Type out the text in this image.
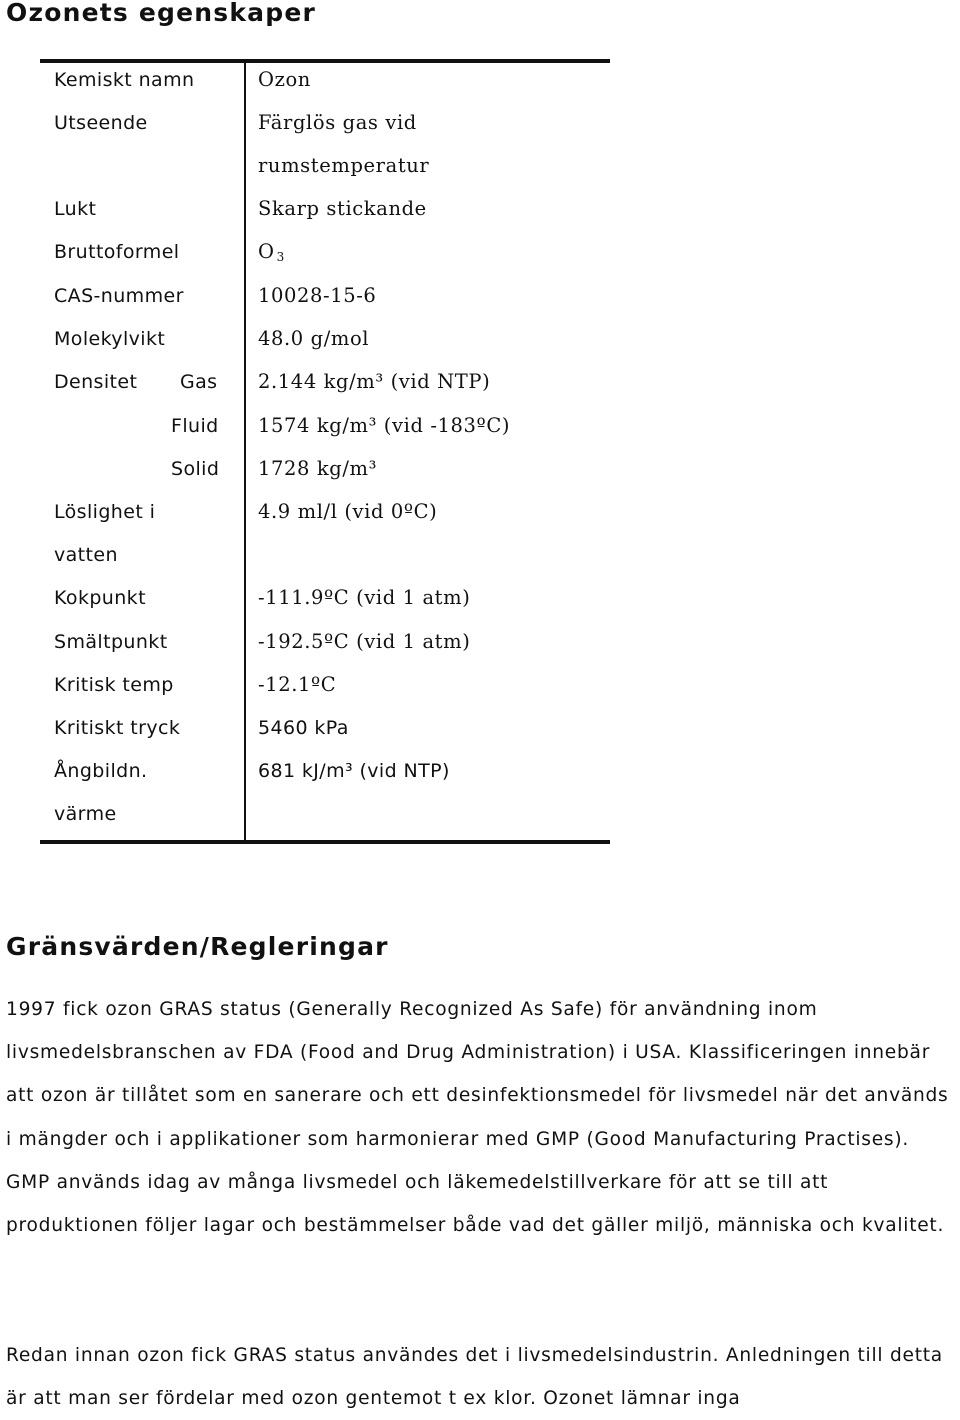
Ozonets egenskaper
Kemiskt namn	Ozon
Utseende	Färglös gas vid
rumstemperatur
Lukt	Skarp stickande
Bruttoformel	O 3
CAS-nummer	10028-15-6
Molekylvikt	48.0 g/mol
Densitet Gas 2.144 kg/m³ (vid NTP)
Fluid 1574 kg/m³ (vid -183ºC)
Solid 1728 kg/m³
Löslighet i	4.9 ml/l (vid 0ºC)
vatten
Kokpunkt	-111.9ºC (vid 1 atm)
Smältpunkt	-192.5ºC (vid 1 atm)
Kritisk temp	-12.1ºC
Kritiskt tryck	5460 kPa
Ångbildn.	681 kJ/m³ (vid NTP)
värme
Gränsvärden/Regleringar

1997 fick ozon GRAS status (Generally Recognized As Safe) för användning inom livsmedelsbranschen av FDA (Food and Drug Administration) i USA. Klassificeringen innebär att ozon är tillåtet som en sanerare och ett desinfektionsmedel för livsmedel när det används i mängder och i applikationer som harmonierar med GMP (Good Manufacturing Practises). GMP används idag av många livsmedel och läkemedelstillverkare för att se till att produktionen följer lagar och bestämmelser både vad det gäller miljö, människa och kvalitet.

Redan innan ozon fick GRAS status användes det i livsmedelsindustrin. Anledningen till detta är att man ser fördelar med ozon gentemot t ex klor. Ozonet lämnar inga
